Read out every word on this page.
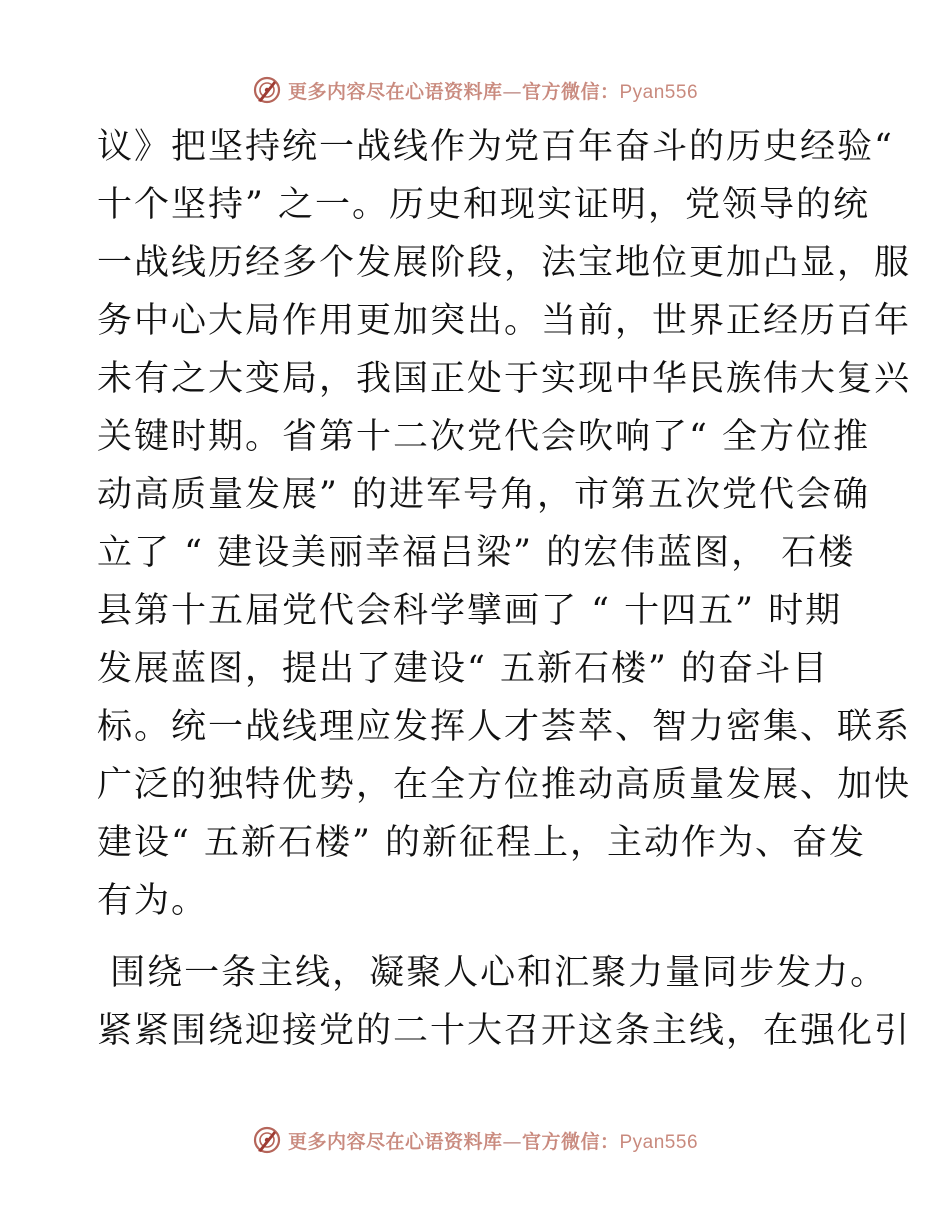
更多内容尽在心语资料库—官方微信：Pyan556
议》把坚持统一战线作为党百年奋斗的历史经验“
十个坚持” 之一。历史和现实证明，党领导的统
一战线历经多个发展阶段，法宝地位更加凸显，服
务中心大局作用更加突出。当前，世界正经历百年
未有之大变局，我国正处于实现中华民族伟大复兴
关键时期。省第十二次党代会吹响了“ 全方位推
动高质量发展” 的进军号角，市第五次党代会确
立了 “ 建设美丽幸福吕梁” 的宏伟蓝图， 石楼
县第十五届党代会科学擘画了 “ 十四五” 时期
发展蓝图，提出了建设“ 五新石楼” 的奋斗目
标。统一战线理应发挥人才荟萃、智力密集、联系
广泛的独特优势，在全方位推动高质量发展、加快
建设“ 五新石楼” 的新征程上，主动作为、奋发
有为。
围绕一条主线，凝聚人心和汇聚力量同步发力。
紧紧围绕迎接党的二十大召开这条主线，在强化引
更多内容尽在心语资料库—官方微信：Pyan556
